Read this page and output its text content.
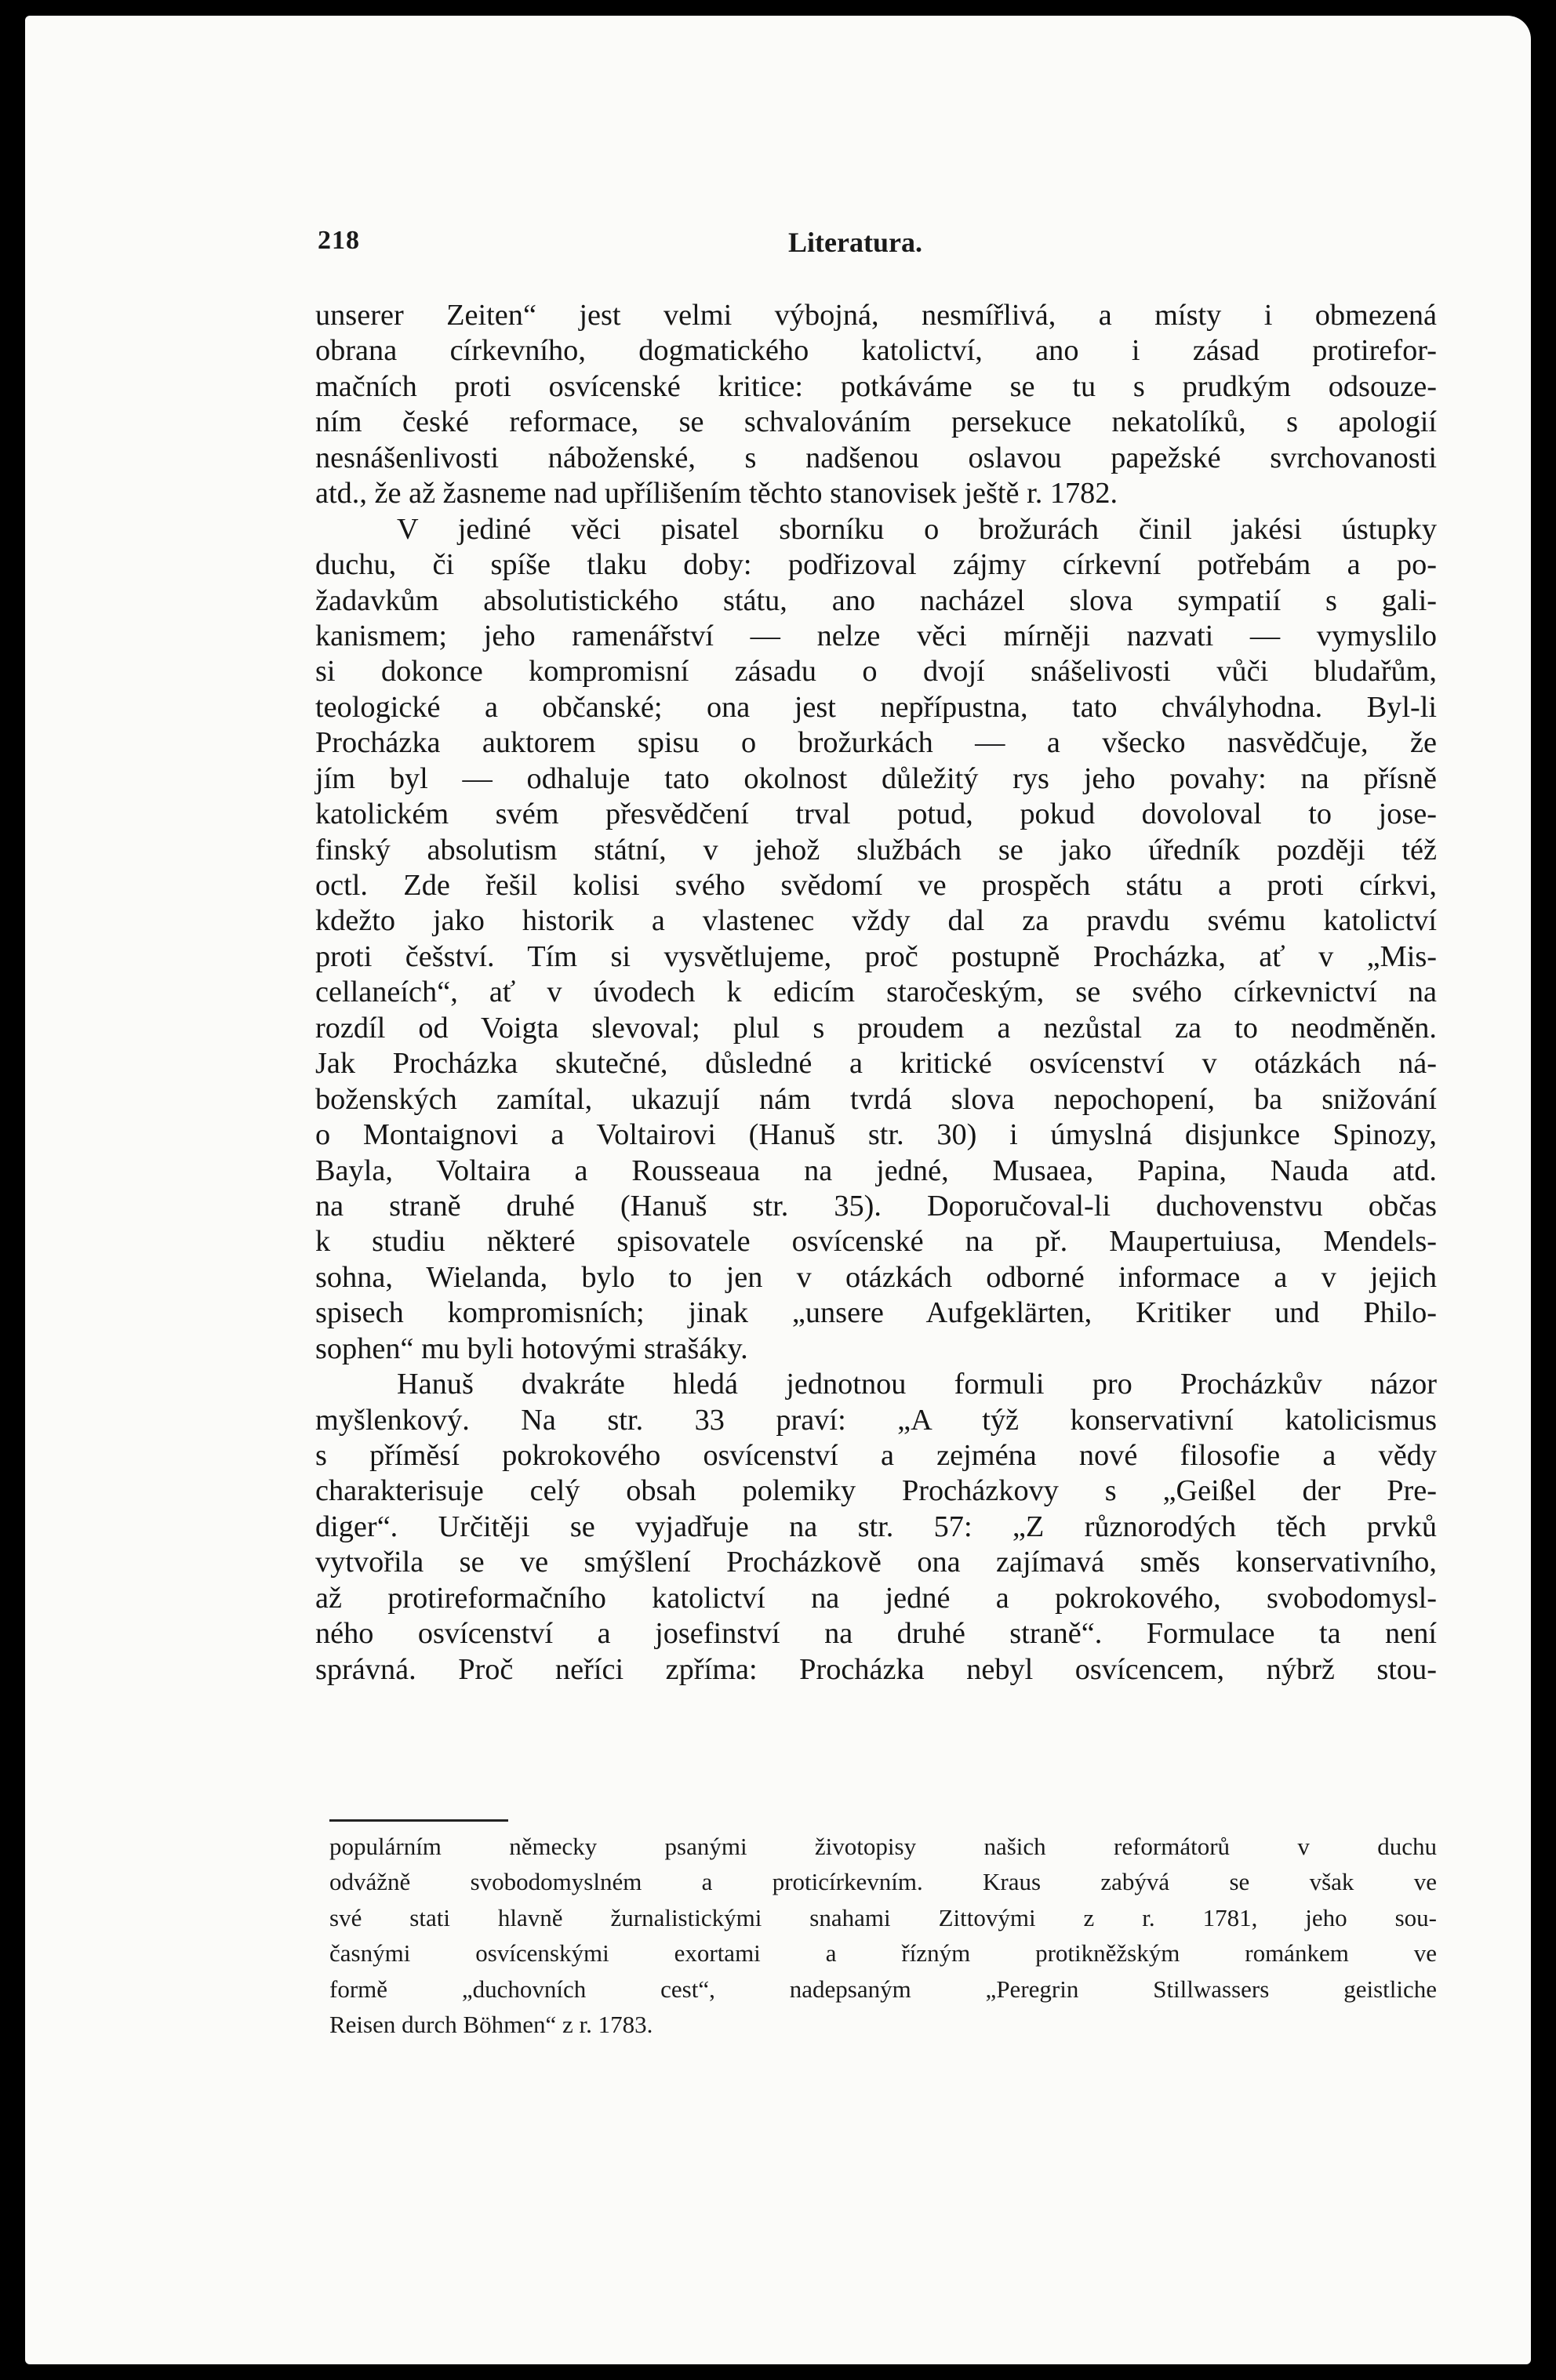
218	Literatura.
unserer Zeiten“ jest velmi výbojná, nesmířlivá, a místy i obmezená
obrana církevního, dogmatického katolictví, ano i zásad protirefor-
mačních proti osvícenské kritice: potkáváme se tu s prudkým odsouze-
ním české reformace, se schvalováním persekuce nekatolíků, s apologií
nesnášenlivosti náboženské, s nadšenou oslavou papežské svrchovanosti
atd., že až žasneme nad upřílišením těchto stanovisek ještě r. 1782.
V jediné věci pisatel sborníku o brožurách činil jakési ústupky
duchu, či spíše tlaku doby: podřizoval zájmy církevní potřebám a po-
žadavkům absolutistického státu, ano nacházel slova sympatií s gali-
kanismem; jeho ramenářství — nelze věci mírněji nazvati — vymyslilo
si dokonce kompromisní zásadu o dvojí snášelivosti vůči bludařům,
teologické a občanské; ona jest nepřípustna, tato chvályhodna. Byl-li
Procházka auktorem spisu o brožurkách — a všecko nasvědčuje, že
jím byl — odhaluje tato okolnost důležitý rys jeho povahy: na přísně
katolickém svém přesvědčení trval potud, pokud dovoloval to jose-
finský absolutism státní, v jehož službách se jako úředník později též
octl. Zde řešil kolisi svého svědomí ve prospěch státu a proti církvi,
kdežto jako historik a vlastenec vždy dal za pravdu svému katolictví
proti češství. Tím si vysvětlujeme, proč postupně Procházka, ať v „Mis-
cellaneích“, ať v úvodech k edicím staročeským, se svého církevnictví na
rozdíl od Voigta slevoval; plul s proudem a nezůstal za to neodměněn.
Jak Procházka skutečné, důsledné a kritické osvícenství v otázkách ná-
boženských zamítal, ukazují nám tvrdá slova nepochopení, ba snižování
o Montaignovi a Voltairovi (Hanuš str. 30) i úmyslná disjunkce Spinozy,
Bayla, Voltaira a Rousseaua na jedné, Musaea, Papina, Nauda atd.
na straně druhé (Hanuš str. 35). Doporučoval-li duchovenstvu občas
k studiu některé spisovatele osvícenské na př. Maupertuiusa, Mendels-
sohna, Wielanda, bylo to jen v otázkách odborné informace a v jejich
spisech kompromisních; jinak „unsere Aufgeklärten, Kritiker und Philo-
sophen“ mu byli hotovými strašáky.
Hanuš dvakráte hledá jednotnou formuli pro Procházkův názor
myšlenkový. Na str. 33 praví: „A týž konservativní katolicismus
s příměsí pokrokového osvícenství a zejména nové filosofie a vědy
charakterisuje celý obsah polemiky Procházkovy s „Geißel der Pre-
diger“. Určitěji se vyjadřuje na str. 57: „Z různorodých těch prvků
vytvořila se ve smýšlení Procházkově ona zajímavá směs konservativního,
až protireformačního katolictví na jedné a pokrokového, svobodomysl-
ného osvícenství a josefinství na druhé straně“. Formulace ta není
správná. Proč neříci zpříma: Procházka nebyl osvícencem, nýbrž stou-
populárním německy psanými životopisy našich reformátorů v duchu
odvážně svobodomyslném a proticírkevním. Kraus zabývá se však ve
své stati hlavně žurnalistickými snahami Zittovými z r. 1781, jeho sou-
časnými osvícenskými exortami a řízným protikněžským románkem ve
formě „duchovních cest“, nadepsaným „Peregrin Stillwassers geistliche
Reisen durch Böhmen“ z r. 1783.
